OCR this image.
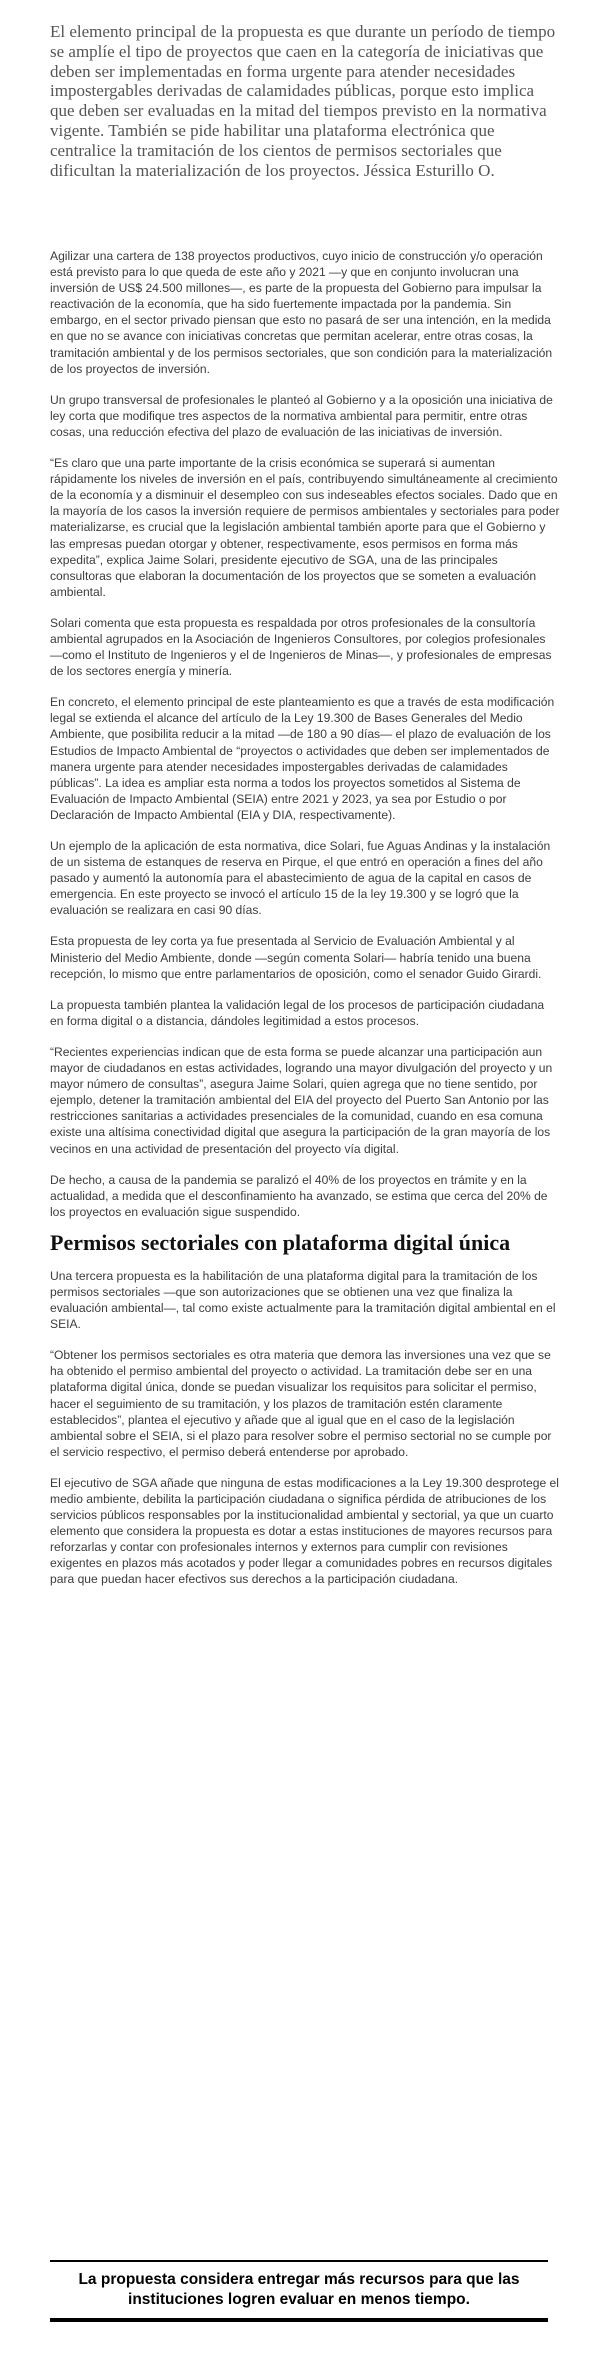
El elemento principal de la propuesta es que durante un período de tiempo se amplíe el tipo de proyectos que caen en la categoría de iniciativas que deben ser implementadas en forma urgente para atender necesidades impostergables derivadas de calamidades públicas, porque esto implica que deben ser evaluadas en la mitad del tiempos previsto en la normativa vigente. También se pide habilitar una plataforma electrónica que centralice la tramitación de los cientos de permisos sectoriales que dificultan la materialización de los proyectos. Jéssica Esturillo O.

Agilizar una cartera de 138 proyectos productivos, cuyo inicio de construcción y/o operación está previsto para lo que queda de este año y 2021 —y que en conjunto involucran una inversión de US$ 24.500 millones—, es parte de la propuesta del Gobierno para impulsar la reactivación de la economía, que ha sido fuertemente impactada por la pandemia. Sin embargo, en el sector privado piensan que esto no pasará de ser una intención, en la medida en que no se avance con iniciativas concretas que permitan acelerar, entre otras cosas, la tramitación ambiental y de los permisos sectoriales, que son condición para la materialización de los proyectos de inversión.

Un grupo transversal de profesionales le planteó al Gobierno y a la oposición una iniciativa de ley corta que modifique tres aspectos de la normativa ambiental para permitir, entre otras cosas, una reducción efectiva del plazo de evaluación de las iniciativas de inversión.

“Es claro que una parte importante de la crisis económica se superará si aumentan rápidamente los niveles de inversión en el país, contribuyendo simultáneamente al crecimiento de la economía y a disminuir el desempleo con sus indeseables efectos sociales. Dado que en la mayoría de los casos la inversión requiere de permisos ambientales y sectoriales para poder materializarse, es crucial que la legislación ambiental también aporte para que el Gobierno y las empresas puedan otorgar y obtener, respectivamente, esos permisos en forma más expedita”, explica Jaime Solari, presidente ejecutivo de SGA, una de las principales consultoras que elaboran la documentación de los proyectos que se someten a evaluación ambiental.

Solari comenta que esta propuesta es respaldada por otros profesionales de la consultoría ambiental agrupados en la Asociación de Ingenieros Consultores, por colegios profesionales —como el Instituto de Ingenieros y el de Ingenieros de Minas—, y profesionales de empresas de los sectores energía y minería.

En concreto, el elemento principal de este planteamiento es que a través de esta modificación legal se extienda el alcance del artículo de la Ley 19.300 de Bases Generales del Medio Ambiente, que posibilita reducir a la mitad —de 180 a 90 días— el plazo de evaluación de los Estudios de Impacto Ambiental de “proyectos o actividades que deben ser implementados de manera urgente para atender necesidades impostergables derivadas de calamidades públicas”. La idea es ampliar esta norma a todos los proyectos sometidos al Sistema de Evaluación de Impacto Ambiental (SEIA) entre 2021 y 2023, ya sea por Estudio o por Declaración de Impacto Ambiental (EIA y DIA, respectivamente).

Un ejemplo de la aplicación de esta normativa, dice Solari, fue Aguas Andinas y la instalación de un sistema de estanques de reserva en Pirque, el que entró en operación a fines del año pasado y aumentó la autonomía para el abastecimiento de agua de la capital en casos de emergencia. En este proyecto se invocó el artículo 15 de la ley 19.300 y se logró que la evaluación se realizara en casi 90 días.

Esta propuesta de ley corta ya fue presentada al Servicio de Evaluación Ambiental y al Ministerio del Medio Ambiente, donde —según comenta Solari— habría tenido una buena recepción, lo mismo que entre parlamentarios de oposición, como el senador Guido Girardi.

La propuesta también plantea la validación legal de los procesos de participación ciudadana en forma digital o a distancia, dándoles legitimidad a estos procesos.

“Recientes experiencias indican que de esta forma se puede alcanzar una participación aun mayor de ciudadanos en estas actividades, logrando una mayor divulgación del proyecto y un mayor número de consultas”, asegura Jaime Solari, quien agrega que no tiene sentido, por ejemplo, detener la tramitación ambiental del EIA del proyecto del Puerto San Antonio por las restricciones sanitarias a actividades presenciales de la comunidad, cuando en esa comuna existe una altísima conectividad digital que asegura la participación de la gran mayoría de los vecinos en una actividad de presentación del proyecto vía digital.

De hecho, a causa de la pandemia se paralizó el 40% de los proyectos en trámite y en la actualidad, a medida que el desconfinamiento ha avanzado, se estima que cerca del 20% de los proyectos en evaluación sigue suspendido.

Permisos sectoriales con plataforma digital única

Una tercera propuesta es la habilitación de una plataforma digital para la tramitación de los permisos sectoriales —que son autorizaciones que se obtienen una vez que finaliza la evaluación ambiental—, tal como existe actualmente para la tramitación digital ambiental en el SEIA.

“Obtener los permisos sectoriales es otra materia que demora las inversiones una vez que se ha obtenido el permiso ambiental del proyecto o actividad. La tramitación debe ser en una plataforma digital única, donde se puedan visualizar los requisitos para solicitar el permiso, hacer el seguimiento de su tramitación, y los plazos de tramitación estén claramente establecidos”, plantea el ejecutivo y añade que al igual que en el caso de la legislación ambiental sobre el SEIA, si el plazo para resolver sobre el permiso sectorial no se cumple por el servicio respectivo, el permiso deberá entenderse por aprobado.

El ejecutivo de SGA añade que ninguna de estas modificaciones a la Ley 19.300 desprotege el medio ambiente, debilita la participación ciudadana o significa pérdida de atribuciones de los servicios públicos responsables por la institucionalidad ambiental y sectorial, ya que un cuarto elemento que considera la propuesta es dotar a estas instituciones de mayores recursos para reforzarlas y contar con profesionales internos y externos para cumplir con revisiones exigentes en plazos más acotados y poder llegar a comunidades pobres en recursos digitales para que puedan hacer efectivos sus derechos a la participación ciudadana.

La propuesta considera entregar más recursos para que las instituciones logren evaluar en menos tiempo.
